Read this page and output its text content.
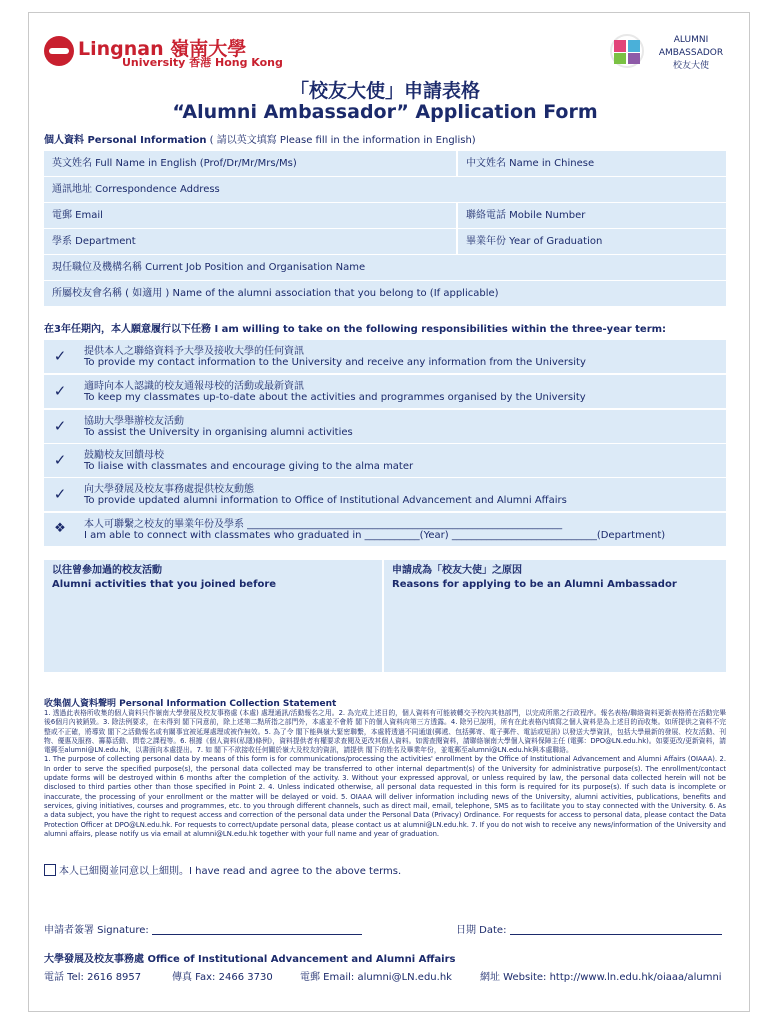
Lingnan 嶺南大學
University 香港 Hong Kong
ALUMNI
AMBASSADOR
校友大使
「校友大使」申請表格
“Alumni Ambassador” Application Form
個人資料 Personal Information ( 請以英文填寫 Please fill in the information in English)
英文姓名 Full Name in English (Prof/Dr/Mr/Mrs/Ms)	中文姓名 Name in Chinese
通訊地址 Correspondence Address
電郵 Email	聯絡電話 Mobile Number
學系 Department	畢業年份 Year of Graduation
現任職位及機構名稱 Current Job Position and Organisation Name
所屬校友會名稱 ( 如適用 ) Name of the alumni association that you belong to (If applicable)
在3年任期內，本人願意履行以下任務 I am willing to take on the following responsibilities within the three-year term:
✓	提供本人之聯絡資料予大學及接收大學的任何資訊
To provide my contact information to the University and receive any information from the University
✓	適時向本人認識的校友通報母校的活動或最新資訊
To keep my classmates up-to-date about the activities and programmes organised by the University
✓	協助大學舉辦校友活動
To assist the University in organising alumni activities
✓	鼓勵校友回饋母校
To liaise with classmates and encourage giving to the alma mater
✓	向大學發展及校友事務處提供校友動態
To provide updated alumni information to Office of Institutional Advancement and Alumni Affairs
❖	本人可聯繫之校友的畢業年份及學系 _______________________________________________________________
I am able to connect with classmates who graduated in ___________(Year) _____________________________(Department)
以往曾參加過的校友活動
Alumni activities that you joined before
申請成為「校友大使」之原因
Reasons for applying to be an Alumni Ambassador
收集個人資料聲明 Personal Information Collection Statement

1. 透過此表格所收集的個人資料只作嶺南大學發展及校友事務處 (本處) 處理通訊/活動報名之用。2. 為完成上述目的，個人資料有可能被轉交予校內其他部門，以完成所需之行政程序。報名表格/聯絡資料更新表格將在活動完畢後6個月內被銷毀。3. 除法例要求，在未得到 閣下同意前，除上述第二點所指之部門外，本處並不會將 閣下的個人資料向第三方透露。4. 除另已說明，所有在此表格內填寫之個人資料是為上述目的而收集。如所提供之資料不完整或不正確，將導致 閣下之活動報名或有關事宜被延遲處理或被作無效。5. 為了令 閣下能與嶺大緊密聯繫，本處將透過不同通道(郵遞、包括郵寄、電子郵件、電話或短訊) 以發送大學資訊，包括大學最新的發展、校友活動、刊物、優惠及服務、籌募活動、問卷之課程等。6. 根據《個人資料(私隱)條例》，資料提供者有權要求查閱及更改其個人資料。如需查閱資料，請聯絡嶺南大學個人資料保障主任 (電郵：DPO@LN.edu.hk)。如要更改/更新資料，請電郵至alumni@LN.edu.hk，以書面向本處提出。7. 如 閣下不欲接收任何關於嶺大及校友的資訊，請提供 閣下的姓名及畢業年份，並電郵至alumni@LN.edu.hk與本處聯絡。

1. The purpose of collecting personal data by means of this form is for communications/processing the activities' enrollment by the Office of Institutional Advancement and Alumni Affairs (OIAAA). 2. In order to serve the specified purpose(s), the personal data collected may be transferred to other internal department(s) of the University for administrative purpose(s). The enrollment/contact update forms will be destroyed within 6 months after the completion of the activity. 3. Without your expressed approval, or unless required by law, the personal data collected herein will not be disclosed to third parties other than those specified in Point 2. 4. Unless indicated otherwise, all personal data requested in this form is required for its purpose(s). If such data is incomplete or inaccurate, the processing of your enrollment or the matter will be delayed or void. 5. OIAAA will deliver information including news of the University, alumni activities, publications, benefits and services, giving initiatives, courses and programmes, etc. to you through different channels, such as direct mail, email, telephone, SMS as to facilitate you to stay connected with the University. 6. As a data subject, you have the right to request access and correction of the personal data under the Personal Data (Privacy) Ordinance. For requests for access to personal data, please contact the Data Protection Officer at DPO@LN.edu.hk. For requests to correct/update personal data, please contact us at alumni@LN.edu.hk. 7. If you do not wish to receive any news/information of the University and alumni affairs, please notify us via email at alumni@LN.edu.hk together with your full name and year of graduation.

本人已細閱並同意以上細則。I have read and agree to the above terms.
申請者簽署 Signature:	日期 Date:
大學發展及校友事務處 Office of Institutional Advancement and Alumni Affairs
電話 Tel: 2616 8957	傳真 Fax: 2466 3730	電郵 Email: alumni@LN.edu.hk	網址 Website: http://www.ln.edu.hk/oiaaa/alumni
